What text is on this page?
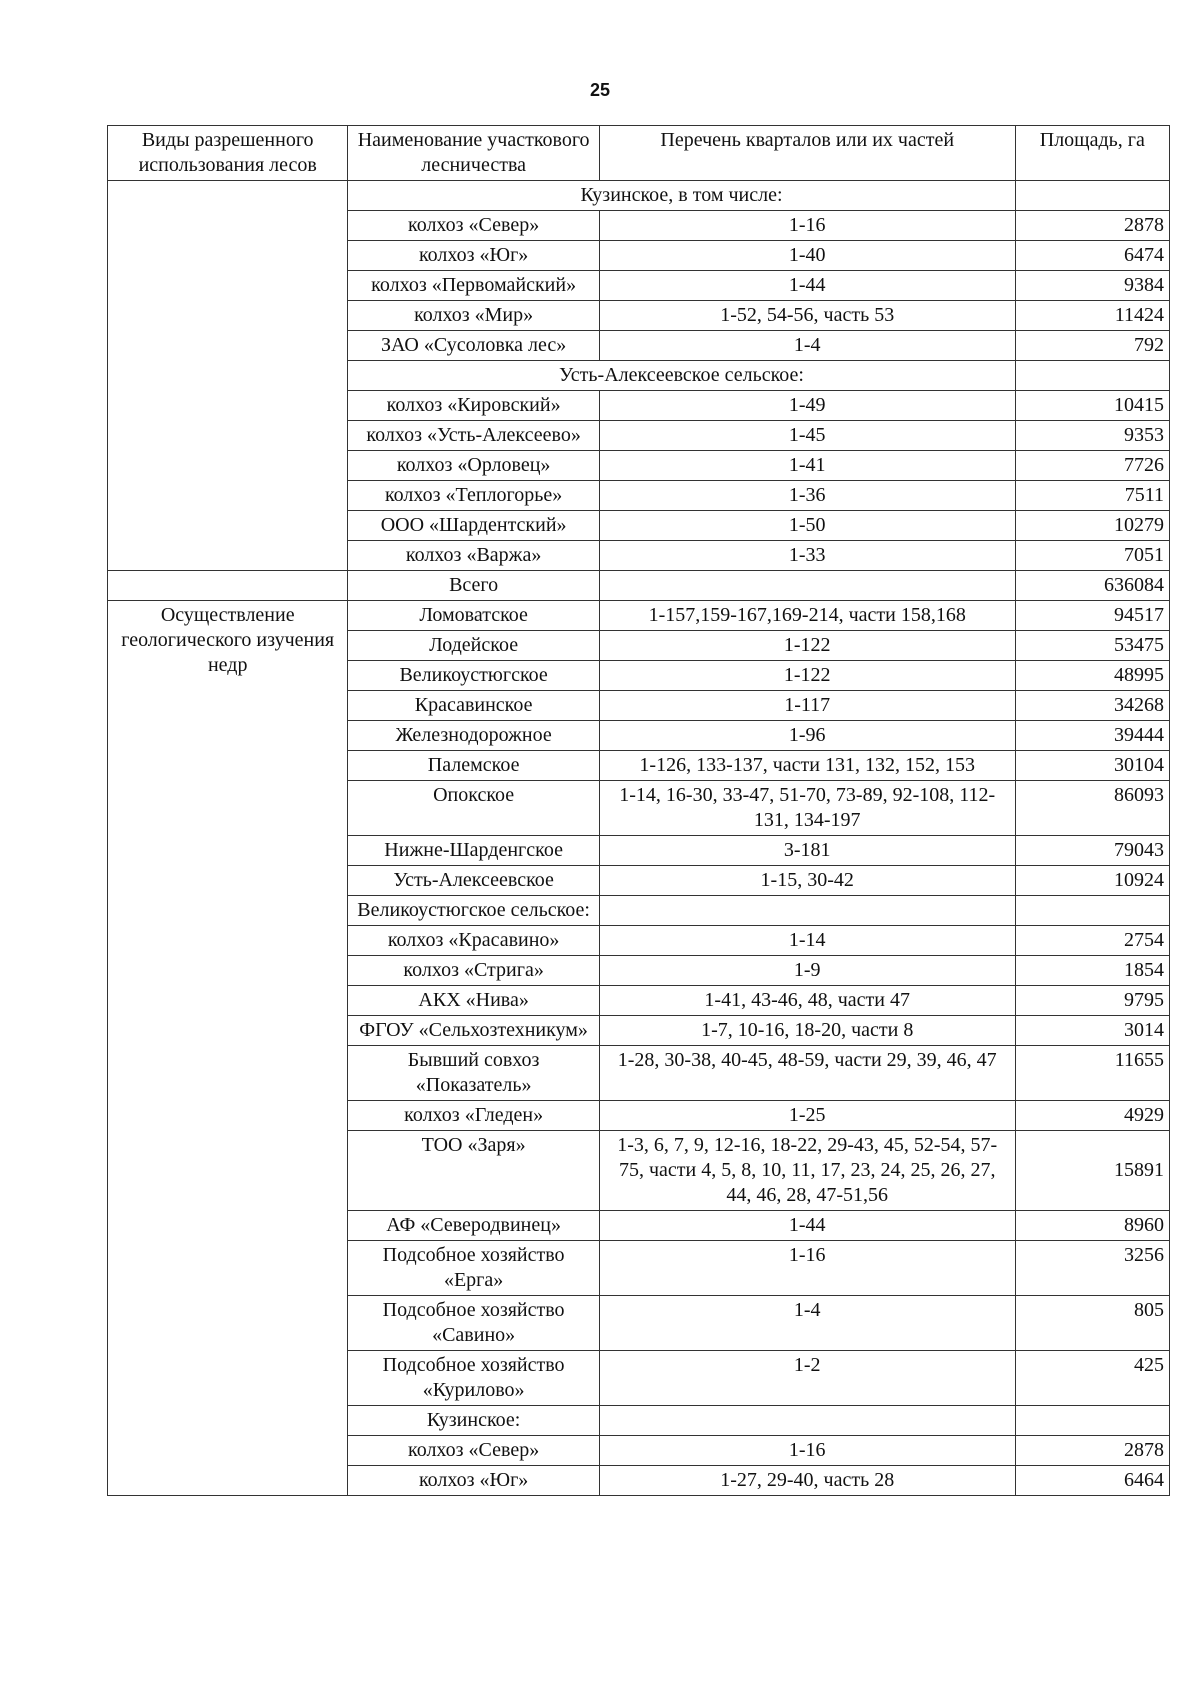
25
Виды разрешенного использования лесов	Наименование участкового лесничества	Перечень кварталов или их частей	Площадь, га
	Кузинское, в том числе:		
	колхоз «Север»	1-16	2878
	колхоз «Юг»	1-40	6474
	колхоз «Первомайский»	1-44	9384
	колхоз «Мир»	1-52, 54-56, часть 53	11424
	ЗАО «Сусоловка лес»	1-4	792
	Усть-Алексеевское сельское:		
	колхоз «Кировский»	1-49	10415
	колхоз «Усть-Алексеево»	1-45	9353
	колхоз «Орловец»	1-41	7726
	колхоз «Теплогорье»	1-36	7511
	ООО «Шардентский»	1-50	10279
	колхоз «Варжа»	1-33	7051
	Всего		636084
Осуществление геологического изучения недр	Ломоватское	1-157,159-167,169-214, части 158,168	94517
	Лодейское	1-122	53475
	Великоустюгское	1-122	48995
	Красавинское	1-117	34268
	Железнодорожное	1-96	39444
	Палемское	1-126, 133-137, части 131, 132, 152, 153	30104
	Опокское	1-14, 16-30, 33-47, 51-70, 73-89, 92-108, 112-131, 134-197	86093
	Нижне-Шарденгское	3-181	79043
	Усть-Алексеевское	1-15, 30-42	10924
	Великоустюгское сельское:		
	колхоз «Красавино»	1-14	2754
	колхоз «Стрига»	1-9	1854
	АКХ «Нива»	1-41, 43-46, 48, части 47	9795
	ФГОУ «Сельхозтехникум»	1-7, 10-16, 18-20, части 8	3014
	Бывший совхоз «Показатель»	1-28, 30-38, 40-45, 48-59, части 29, 39, 46, 47	11655
	колхоз «Гледен»	1-25	4929
	ТОО «Заря»	1-3, 6, 7, 9, 12-16, 18-22, 29-43, 45, 52-54, 57-75, части 4, 5, 8, 10, 11, 17, 23, 24, 25, 26, 27, 44, 46, 28, 47-51,56	15891
	АФ «Северодвинец»	1-44	8960
	Подсобное хозяйство «Ерга»	1-16	3256
	Подсобное хозяйство «Савино»	1-4	805
	Подсобное хозяйство «Курилово»	1-2	425
	Кузинское:		
	колхоз «Север»	1-16	2878
	колхоз «Юг»	1-27, 29-40, часть 28	6464
